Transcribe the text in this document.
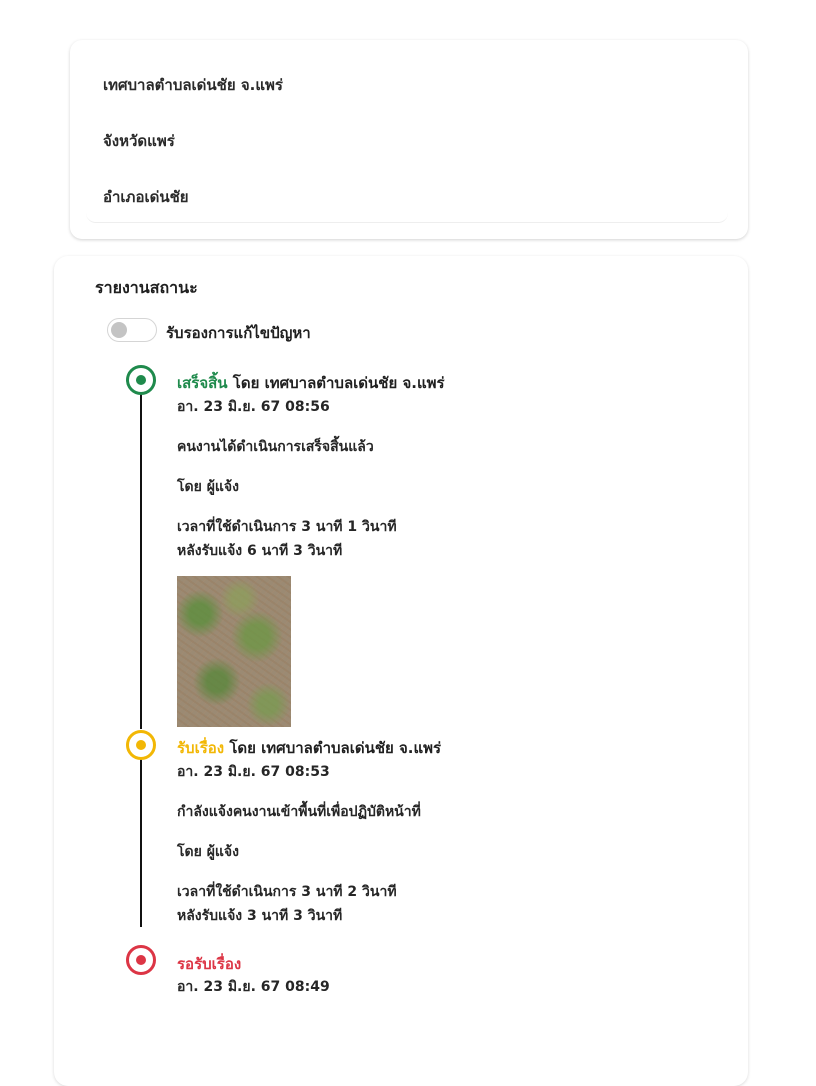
เทศบาลตำบลเด่นชัย จ.แพร่
จังหวัดแพร่
อำเภอเด่นชัย
รายงานสถานะ
รับรองการแก้ไขปัญหา
เสร็จสิ้น โดย เทศบาลตำบลเด่นชัย จ.แพร่
อา. 23 มิ.ย. 67 08:56
คนงานได้ดำเนินการเสร็จสิ้นแล้ว
โดย ผู้แจ้ง
เวลาที่ใช้ดำเนินการ 3 นาที 1 วินาที
หลังรับแจ้ง 6 นาที 3 วินาที
รับเรื่อง โดย เทศบาลตำบลเด่นชัย จ.แพร่
อา. 23 มิ.ย. 67 08:53
กำลังแจ้งคนงานเข้าพื้นที่เพื่อปฏิบัติหน้าที่
โดย ผู้แจ้ง
เวลาที่ใช้ดำเนินการ 3 นาที 2 วินาที
หลังรับแจ้ง 3 นาที 3 วินาที
รอรับเรื่อง
อา. 23 มิ.ย. 67 08:49
